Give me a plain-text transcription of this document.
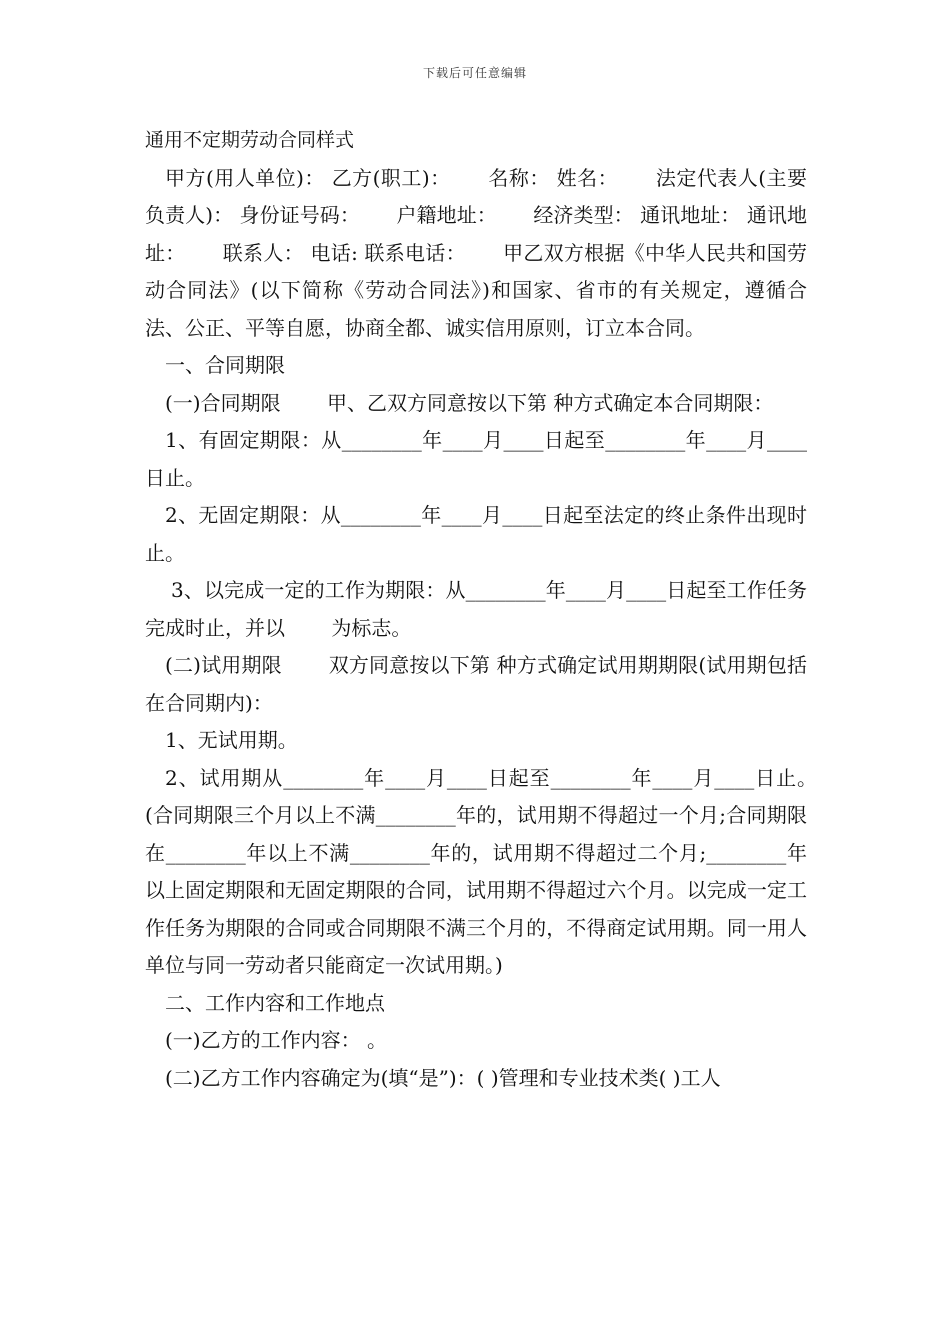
下载后可任意编辑

通用不定期劳动合同样式

甲方(用人单位)： 乙方(职工)：　　 名称： 姓名：　　 法定代表人(主要负责人)： 身份证号码：　　 户籍地址：　　 经济类型： 通讯地址： 通讯地址：　　 联系人： 电话: 联系电话：　　 甲乙双方根据《中华人民共和国劳动合同法》(以下简称《劳动合同法》)和国家、省市的有关规定，遵循合法、公正、平等自愿，协商全都、诚实信用原则，订立本合同。

一、合同期限

(一)合同期限　　 甲、乙双方同意按以下第 种方式确定本合同期限：

1、有固定期限：从________年____月____日起至________年____月____日止。

2、无固定期限：从________年____月____日起至法定的终止条件出现时止。

3、以完成一定的工作为期限：从________年____月____日起至工作任务完成时止，并以　　 为标志。

(二)试用期限　　 双方同意按以下第 种方式确定试用期期限(试用期包括在合同期内)：

1、无试用期。

2、试用期从________年____月____日起至________年____月____日止。　　 (合同期限三个月以上不满________年的，试用期不得超过一个月;合同期限在________年以上不满________年的，试用期不得超过二个月;________年以上固定期限和无固定期限的合同，试用期不得超过六个月。以完成一定工作任务为期限的合同或合同期限不满三个月的，不得商定试用期。同一用人单位与同一劳动者只能商定一次试用期。)

二、工作内容和工作地点

(一)乙方的工作内容： 。

(二)乙方工作内容确定为(填“是”)：( )管理和专业技术类( )工人
